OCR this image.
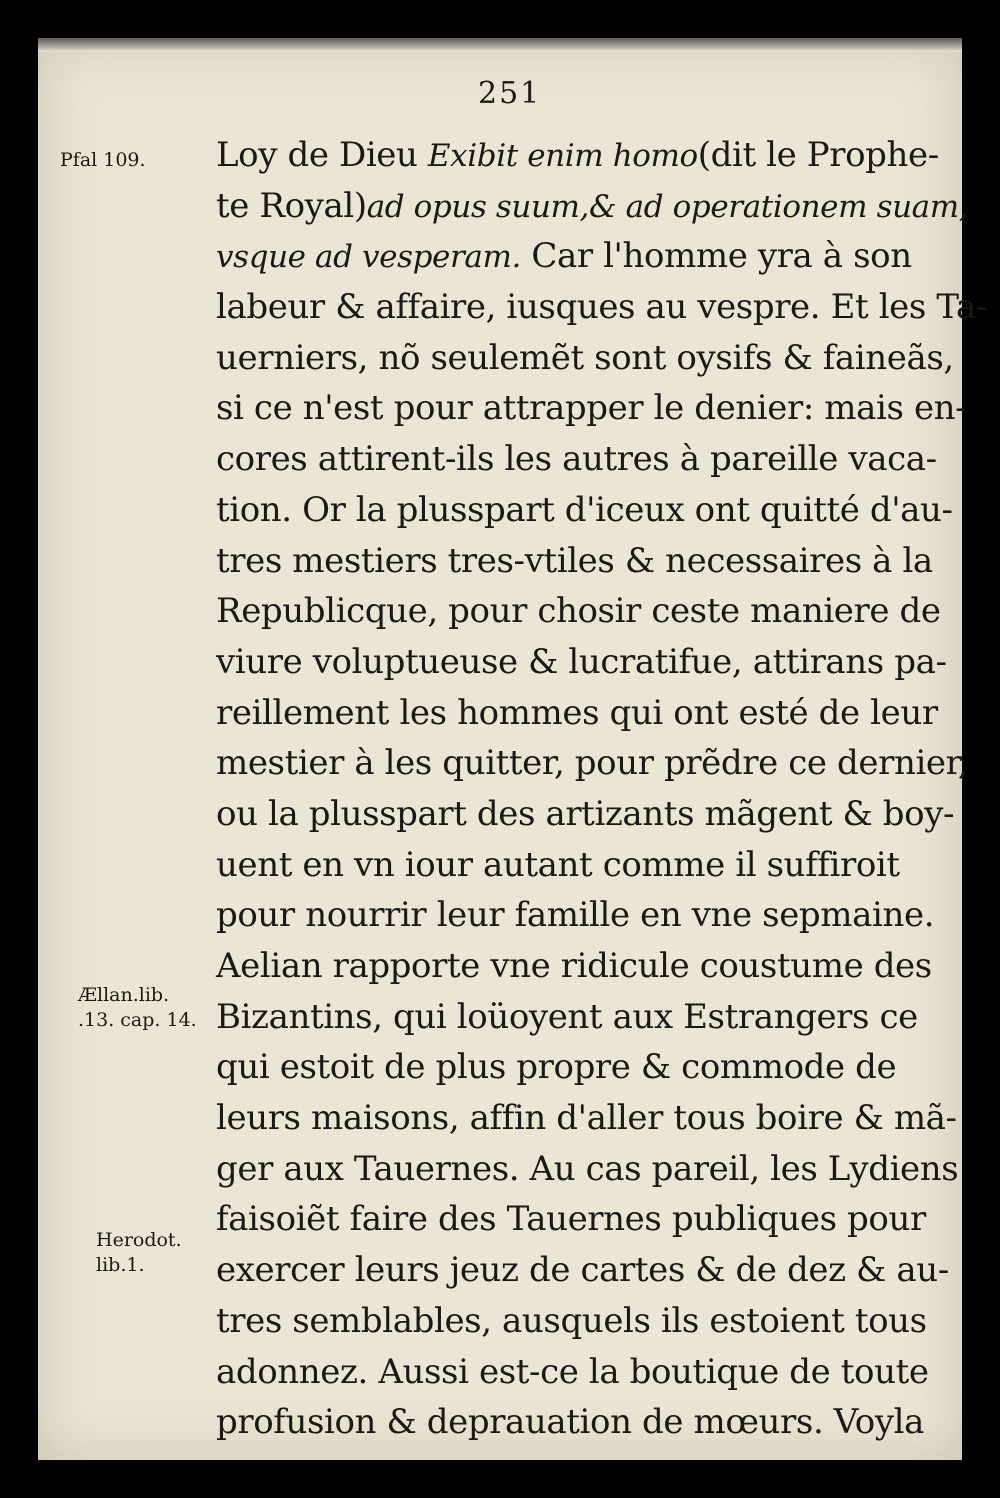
251
Pfal 109.
Ællan.lib.
.13. cap. 14.
Herodot.
lib.1.
Loy de Dieu Exibit enim homo(dit le Prophe-
te Royal)ad opus suum,& ad operationem suam,
vsque ad vesperam. Car l'homme yra à son
labeur & affaire, iusques au vespre. Et les Ta-
uerniers, nõ seulemẽt sont oysifs & faineãs,
si ce n'est pour attrapper le denier: mais en-
cores attirent-ils les autres à pareille vaca-
tion. Or la plusspart d'iceux ont quitté d'au-
tres mestiers tres-vtiles & necessaires à la
Republicque, pour chosir ceste maniere de
viure voluptueuse & lucratifue, attirans pa-
reillement les hommes qui ont esté de leur
mestier à les quitter, pour prẽdre ce dernier,
ou la plusspart des artizants mãgent & boy-
uent en vn iour autant comme il suffiroit
pour nourrir leur famille en vne sepmaine.
Aelian rapporte vne ridicule coustume des
Bizantins, qui loüoyent aux Estrangers ce
qui estoit de plus propre & commode de
leurs maisons, affin d'aller tous boire & mã-
ger aux Tauernes. Au cas pareil, les Lydiens
faisoiẽt faire des Tauernes publiques pour
exercer leurs jeuz de cartes & de dez & au-
tres semblables, ausquels ils estoient tous
adonnez. Aussi est-ce la boutique de toute
profusion & deprauation de mœurs. Voyla
